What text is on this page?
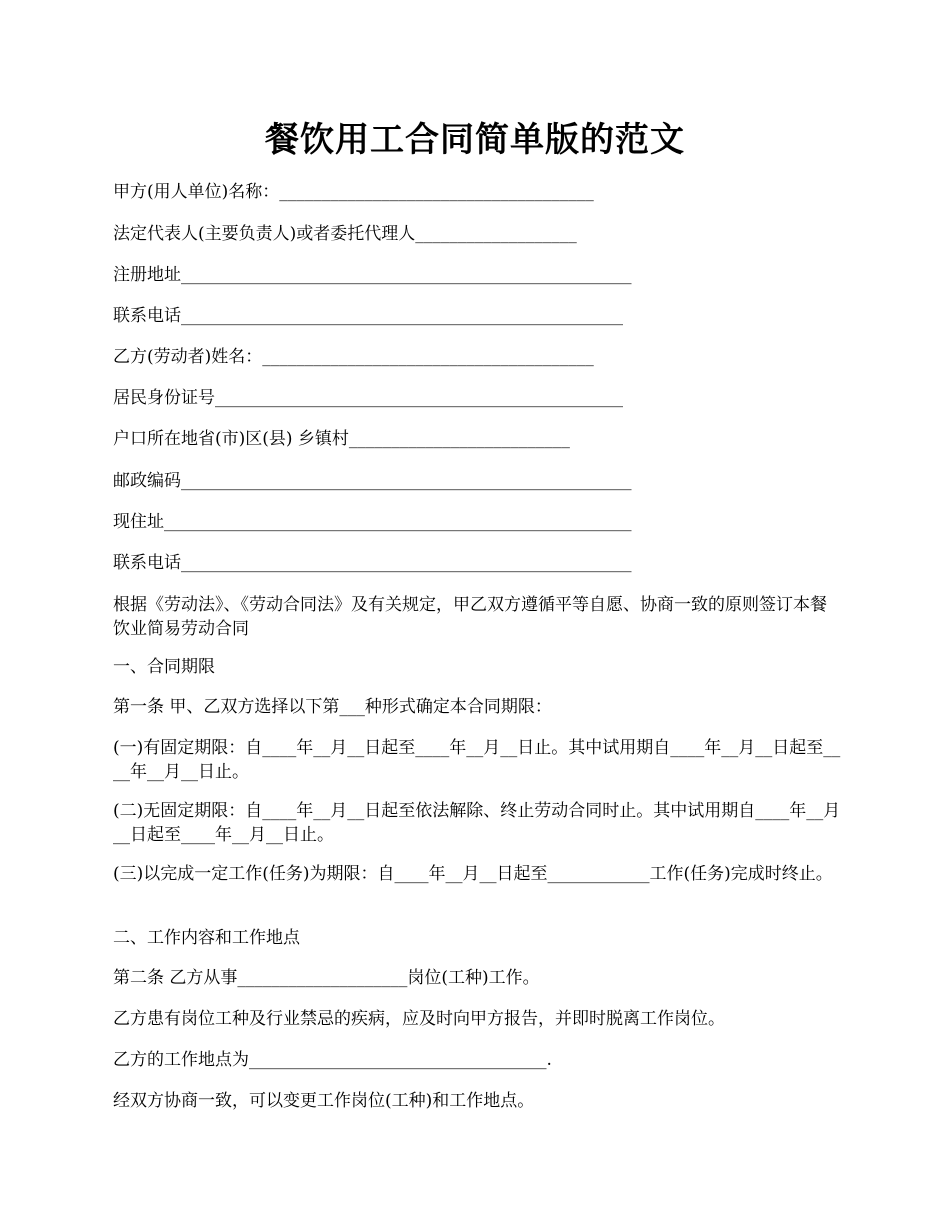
餐饮用工合同简单版的范文
甲方(用人单位)名称：_____________________________________
法定代表人(主要负责人)或者委托代理人___________________
注册地址_____________________________________________________
联系电话____________________________________________________
乙方(劳动者)姓名：_______________________________________
居民身份证号________________________________________________
户口所在地省(市)区(县) 乡镇村__________________________
邮政编码_____________________________________________________
现住址_______________________________________________________
联系电话_____________________________________________________
根据《劳动法》、《劳动合同法》及有关规定，甲乙双方遵循平等自愿、协商一致的原则签订本餐饮业简易劳动合同
一、合同期限
第一条 甲、乙双方选择以下第___种形式确定本合同期限：
(一)有固定期限：自____年__月__日起至____年__月__日止。其中试用期自____年__月__日起至____年__月__日止。
(二)无固定期限：自____年__月__日起至依法解除、终止劳动合同时止。其中试用期自____年__月__日起至____年__月__日止。
(三)以完成一定工作(任务)为期限：自____年__月__日起至____________工作(任务)完成时终止。
二、工作内容和工作地点
第二条 乙方从事____________________岗位(工种)工作。
乙方患有岗位工种及行业禁忌的疾病，应及时向甲方报告，并即时脱离工作岗位。
乙方的工作地点为___________________________________.
经双方协商一致，可以变更工作岗位(工种)和工作地点。
